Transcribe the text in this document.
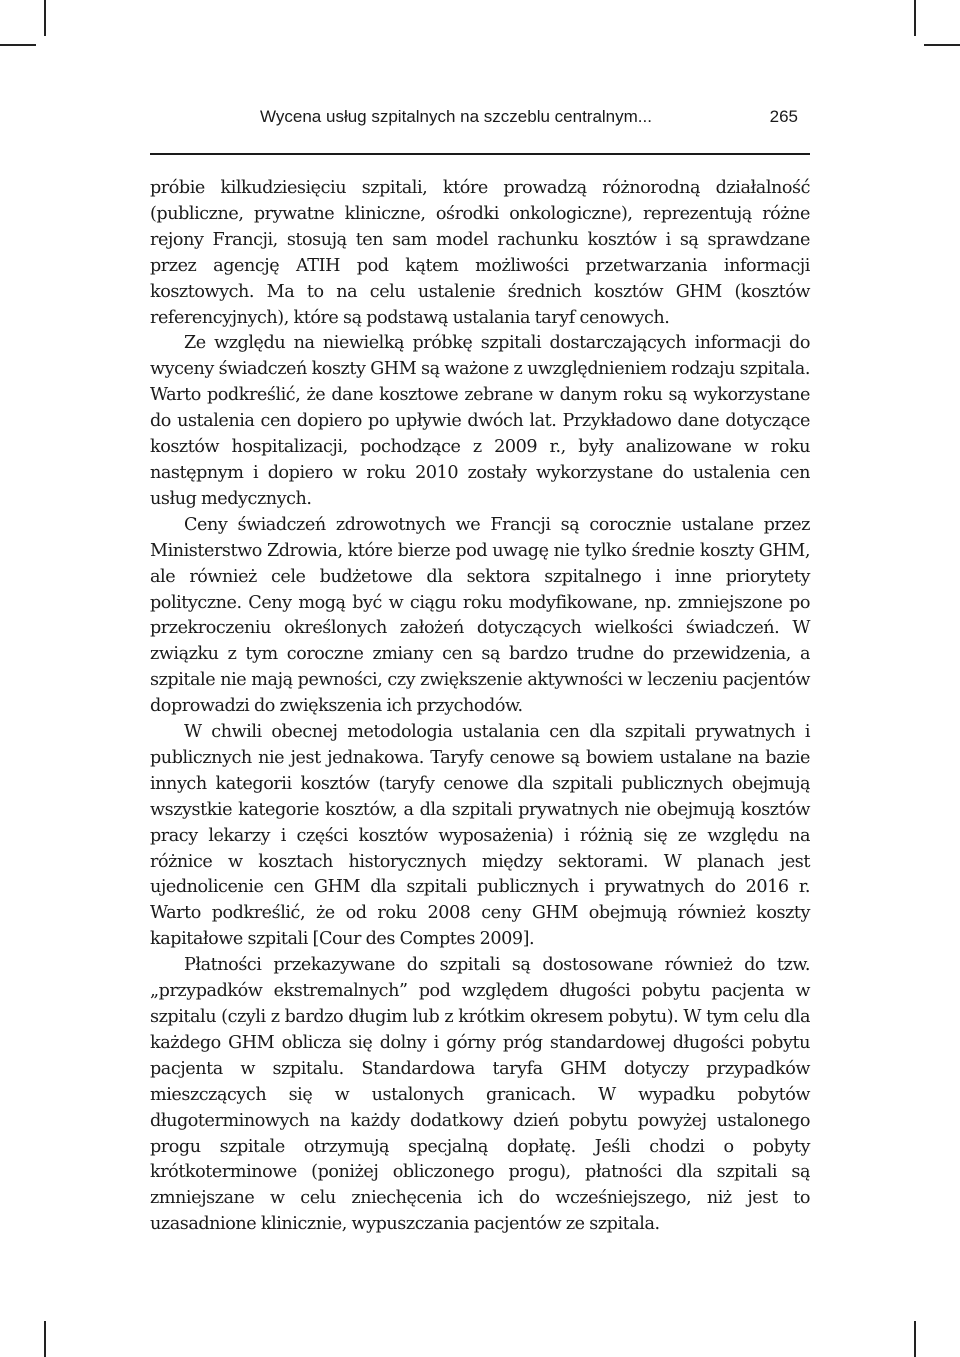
Wycena usług szpitalnych na szczeblu centralnym...	265

próbie kilkudziesięciu szpitali, które prowadzą różnorodną działalność (publiczne, prywatne kliniczne, ośrodki onkologiczne), reprezentują różne rejony Francji, stosują ten sam model rachunku kosztów i są sprawdzane przez agencję ATIH pod kątem możliwości przetwarzania informacji kosztowych. Ma to na celu ustalenie średnich kosztów GHM (kosztów referencyjnych), które są podstawą ustalania taryf cenowych.

Ze względu na niewielką próbkę szpitali dostarczających informacji do wyceny świadczeń koszty GHM są ważone z uwzględnieniem rodzaju szpitala. Warto podkreślić, że dane kosztowe zebrane w danym roku są wykorzystane do ustalenia cen dopiero po upływie dwóch lat. Przykładowo dane dotyczące kosztów hospitalizacji, pochodzące z 2009 r., były analizowane w roku następnym i dopiero w roku 2010 zostały wykorzystane do ustalenia cen usług medycznych.

Ceny świadczeń zdrowotnych we Francji są corocznie ustalane przez Ministerstwo Zdrowia, które bierze pod uwagę nie tylko średnie koszty GHM, ale również cele budżetowe dla sektora szpitalnego i inne priorytety polityczne. Ceny mogą być w ciągu roku modyfikowane, np. zmniejszone po przekroczeniu określonych założeń dotyczących wielkości świadczeń. W związku z tym coroczne zmiany cen są bardzo trudne do przewidzenia, a szpitale nie mają pewności, czy zwiększenie aktywności w leczeniu pacjentów doprowadzi do zwiększenia ich przychodów.

W chwili obecnej metodologia ustalania cen dla szpitali prywatnych i publicznych nie jest jednakowa. Taryfy cenowe są bowiem ustalane na bazie innych kategorii kosztów (taryfy cenowe dla szpitali publicznych obejmują wszystkie kategorie kosztów, a dla szpitali prywatnych nie obejmują kosztów pracy lekarzy i części kosztów wyposażenia) i różnią się ze względu na różnice w kosztach historycznych między sektorami. W planach jest ujednolicenie cen GHM dla szpitali publicznych i prywatnych do 2016 r. Warto podkreślić, że od roku 2008 ceny GHM obejmują również koszty kapitałowe szpitali [Cour des Comptes 2009].

Płatności przekazywane do szpitali są dostosowane również do tzw. „przypadków ekstremalnych” pod względem długości pobytu pacjenta w szpitalu (czyli z bardzo długim lub z krótkim okresem pobytu). W tym celu dla każdego GHM oblicza się dolny i górny próg standardowej długości pobytu pacjenta w szpitalu. Standardowa taryfa GHM dotyczy przypadków mieszczących się w ustalonych granicach. W wypadku pobytów długoterminowych na każdy dodatkowy dzień pobytu powyżej ustalonego progu szpitale otrzymują specjalną dopłatę. Jeśli chodzi o pobyty krótkoterminowe (poniżej obliczonego progu), płatności dla szpitali są zmniejszane w celu zniechęcenia ich do wcześniejszego, niż jest to uzasadnione klinicznie, wypuszczania pacjentów ze szpitala.
